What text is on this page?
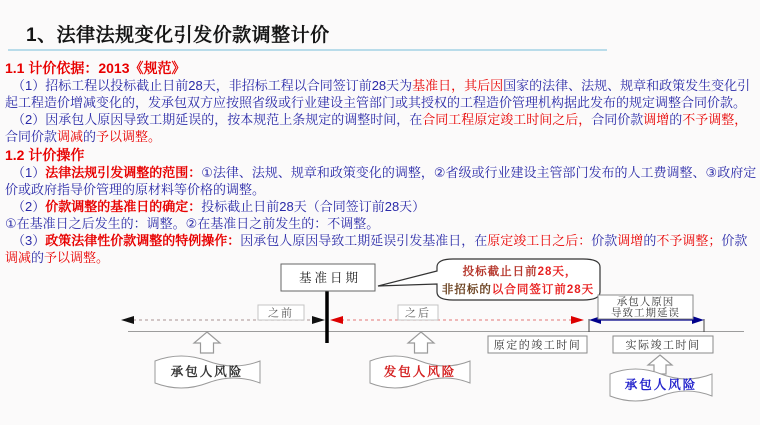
1、法律法规变化引发价款调整计价

1.1 计价依据：2013《规范》

（1）招标工程以投标截止日前28天，非招标工程以合同签订前28天为基准日，其后因国家的法律、法规、规章和政策发生变化引起工程造价增减变化的，发承包双方应按照省级或行业建设主管部门或其授权的工程造价管理机构据此发布的规定调整合同价款。

（2）因承包人原因导致工期延误的，按本规范上条规定的调整时间，在合同工程原定竣工时间之后，合同价款调增的不予调整，合同价款调减的予以调整。

1.2 计价操作

（1）法律法规引发调整的范围：①法律、法规、规章和政策变化的调整，②省级或行业建设主管部门发布的人工费调整、③政府定价或政府指导价管理的原材料等价格的调整。

（2）价款调整的基准日的确定：投标截止日前28天（合同签订前28天）

①在基准日之后发生的：调整。②在基准日之前发生的：不调整。

（3）政策法律性价款调整的特例操作：因承包人原因导致工期延误引发基准日，在原定竣工日之后：价款调增的不予调整；价款调减的予以调整。

基准日期	投标截止日前28天，
非招标的以合同签订前28天
之前	之后
承包人原因
导致工期延误
原定的竣工时间	实际竣工时间
承包人风险	发包人风险
承包人风险
